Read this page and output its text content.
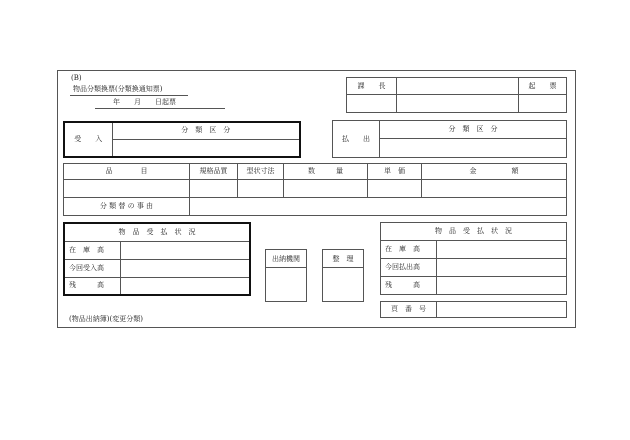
(B)
物品分類換票(分類換通知票)
年　　月　　日起票
課　　長		起　　票

受　　入	分　類　区　分

払　　出	分　類　区　分

品　　　　目	規格品質	型状寸法	数　　　量	単　価	金　　　　　額

分 類 替 の 事 由					
物　品　受　払　状　況	
在　庫　高	
今回受入高	
残　　　高	
出納機関	整　理
物　品　受　払　状　況	
在　庫　高	
今回払出高	
残　　　高	
頁　番　号	
(物品出納簿)(変更分類)
